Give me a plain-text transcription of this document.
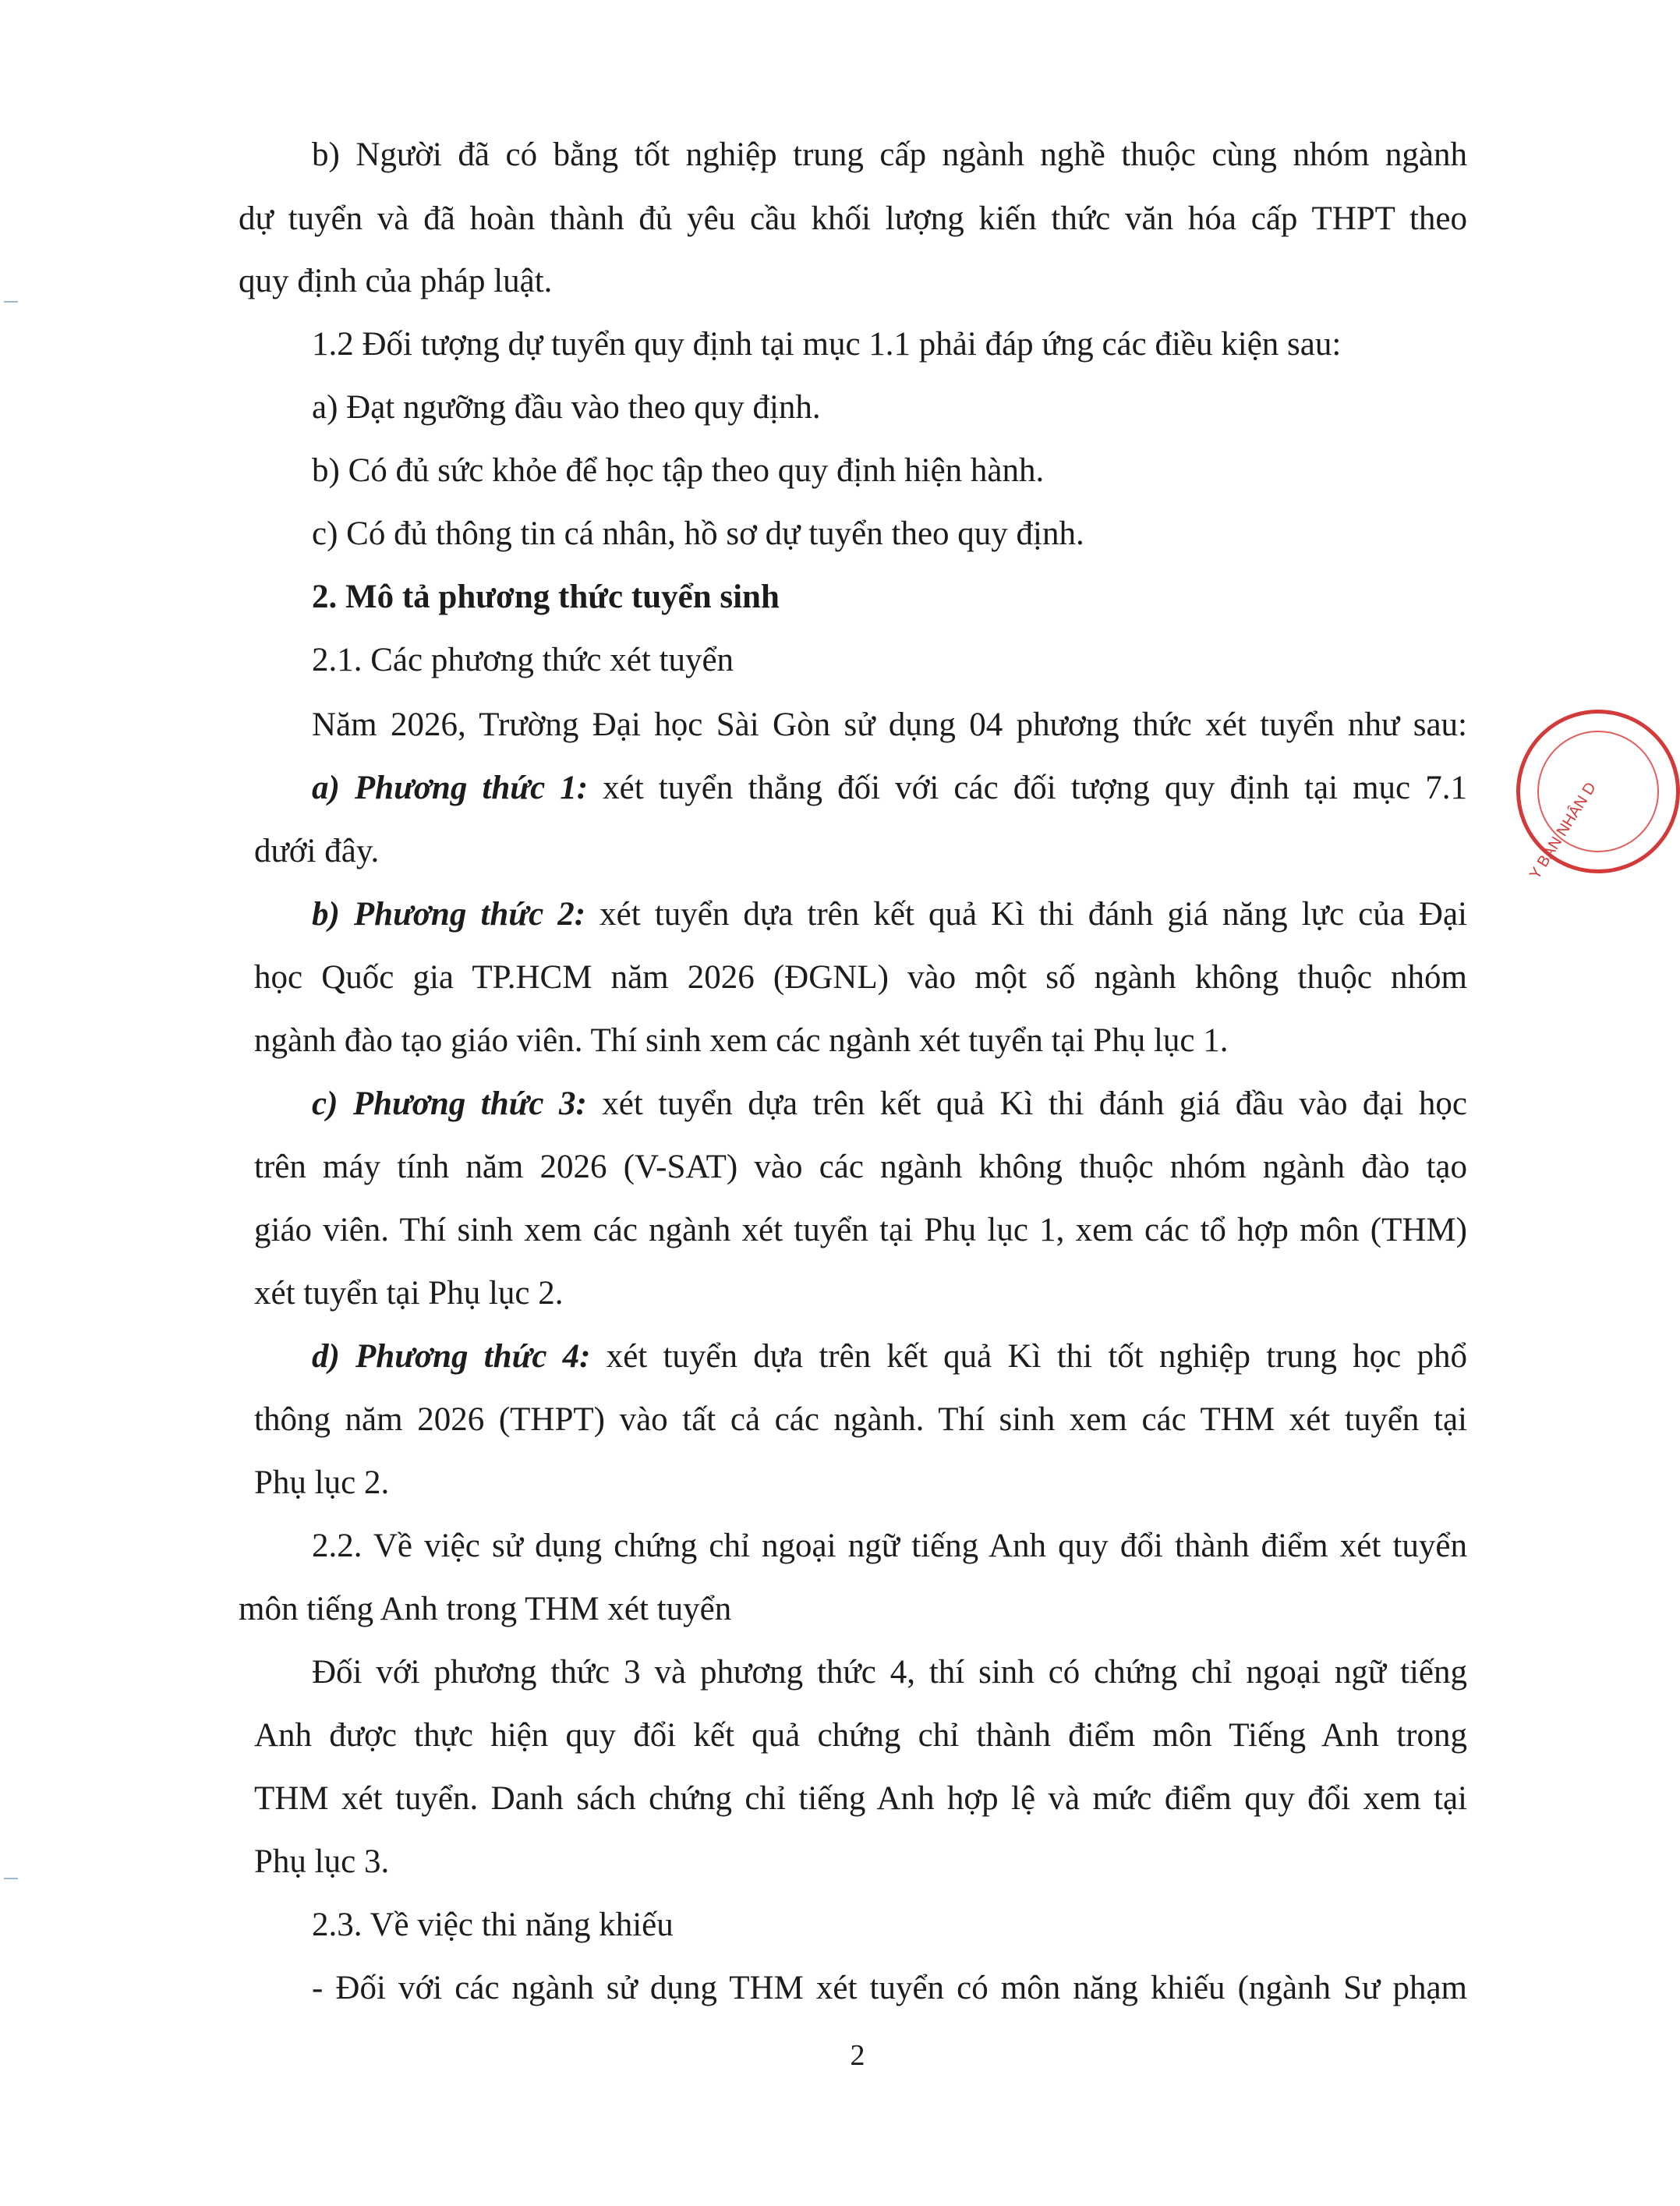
b) Người đã có bằng tốt nghiệp trung cấp ngành nghề thuộc cùng nhóm ngành

dự tuyển và đã hoàn thành đủ yêu cầu khối lượng kiến thức văn hóa cấp THPT theo

quy định của pháp luật.

1.2 Đối tượng dự tuyển quy định tại mục 1.1 phải đáp ứng các điều kiện sau:

a) Đạt ngưỡng đầu vào theo quy định.

b) Có đủ sức khỏe để học tập theo quy định hiện hành.

c) Có đủ thông tin cá nhân, hồ sơ dự tuyển theo quy định.

2. Mô tả phương thức tuyển sinh

2.1. Các phương thức xét tuyển

Năm 2026, Trường Đại học Sài Gòn sử dụng 04 phương thức xét tuyển như sau:

a) Phương thức 1: xét tuyển thẳng đối với các đối tượng quy định tại mục 7.1

dưới đây.

b) Phương thức 2: xét tuyển dựa trên kết quả Kì thi đánh giá năng lực của Đại

học Quốc gia TP.HCM năm 2026 (ĐGNL) vào một số ngành không thuộc nhóm

ngành đào tạo giáo viên. Thí sinh xem các ngành xét tuyển tại Phụ lục 1.

c) Phương thức 3: xét tuyển dựa trên kết quả Kì thi đánh giá đầu vào đại học

trên máy tính năm 2026 (V-SAT) vào các ngành không thuộc nhóm ngành đào tạo

giáo viên. Thí sinh xem các ngành xét tuyển tại Phụ lục 1, xem các tổ hợp môn (THM)

xét tuyển tại Phụ lục 2.

d) Phương thức 4: xét tuyển dựa trên kết quả Kì thi tốt nghiệp trung học phổ

thông năm 2026 (THPT) vào tất cả các ngành. Thí sinh xem các THM xét tuyển tại

Phụ lục 2.

2.2. Về việc sử dụng chứng chỉ ngoại ngữ tiếng Anh quy đổi thành điểm xét tuyển

môn tiếng Anh trong THM xét tuyển

Đối với phương thức 3 và phương thức 4, thí sinh có chứng chỉ ngoại ngữ tiếng

Anh được thực hiện quy đổi kết quả chứng chỉ thành điểm môn Tiếng Anh trong

THM xét tuyển. Danh sách chứng chỉ tiếng Anh hợp lệ và mức điểm quy đổi xem tại

Phụ lục 3.

2.3. Về việc thi năng khiếu

- Đối với các ngành sử dụng THM xét tuyển có môn năng khiếu (ngành Sư phạm

2
Y BAN NHÂN D
